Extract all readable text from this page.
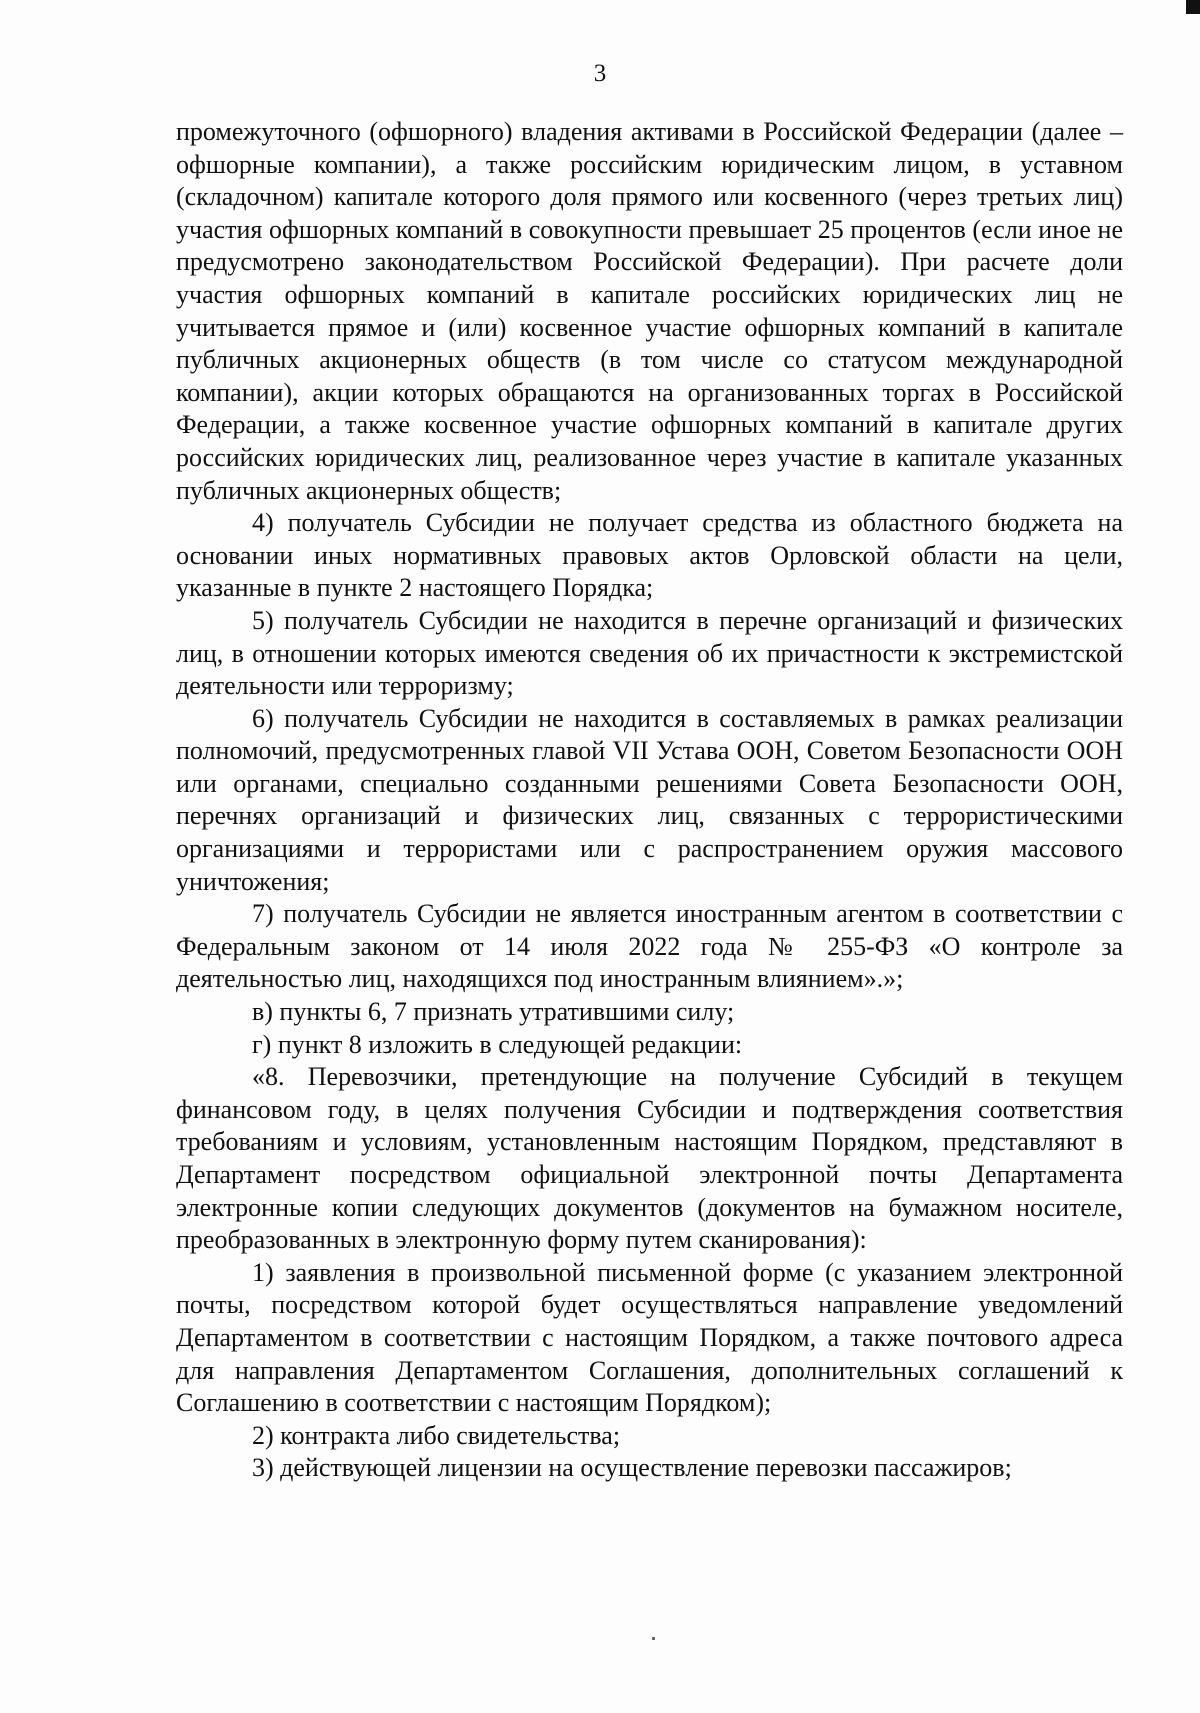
3

промежуточного (офшорного) владения активами в Российской Федерации (далее – офшорные компании), а также российским юридическим лицом, в уставном (складочном) капитале которого доля прямого или косвенного (через третьих лиц) участия офшорных компаний в совокупности превышает 25 процентов (если иное не предусмотрено законодательством Российской Федерации). При расчете доли участия офшорных компаний в капитале российских юридических лиц не учитывается прямое и (или) косвенное участие офшорных компаний в капитале публичных акционерных обществ (в том числе со статусом международной компании), акции которых обращаются на организованных торгах в Российской Федерации, а также косвенное участие офшорных компаний в капитале других российских юридических лиц, реализованное через участие в капитале указанных публичных акционерных обществ;

4) получатель Субсидии не получает средства из областного бюджета на основании иных нормативных правовых актов Орловской области на цели, указанные в пункте 2 настоящего Порядка;

5) получатель Субсидии не находится в перечне организаций и физических лиц, в отношении которых имеются сведения об их причастности к экстремистской деятельности или терроризму;

6) получатель Субсидии не находится в составляемых в рамках реализации полномочий, предусмотренных главой VII Устава ООН, Советом Безопасности ООН или органами, специально созданными решениями Совета Безопасности ООН, перечнях организаций и физических лиц, связанных с террористическими организациями и террористами или с распространением оружия массового уничтожения;

7) получатель Субсидии не является иностранным агентом в соответствии с Федеральным законом от 14 июля 2022 года № 255-ФЗ «О контроле за деятельностью лиц, находящихся под иностранным влиянием».»;

в) пункты 6, 7 признать утратившими силу;

г) пункт 8 изложить в следующей редакции:

«8. Перевозчики, претендующие на получение Субсидий в текущем финансовом году, в целях получения Субсидии и подтверждения соответствия требованиям и условиям, установленным настоящим Порядком, представляют в Департамент посредством официальной электронной почты Департамента электронные копии следующих документов (документов на бумажном носителе, преобразованных в электронную форму путем сканирования):

1) заявления в произвольной письменной форме (с указанием электронной почты, посредством которой будет осуществляться направление уведомлений Департаментом в соответствии с настоящим Порядком, а также почтового адреса для направления Департаментом Соглашения, дополнительных соглашений к Соглашению в соответствии с настоящим Порядком);

2) контракта либо свидетельства;

3) действующей лицензии на осуществление перевозки пассажиров;
